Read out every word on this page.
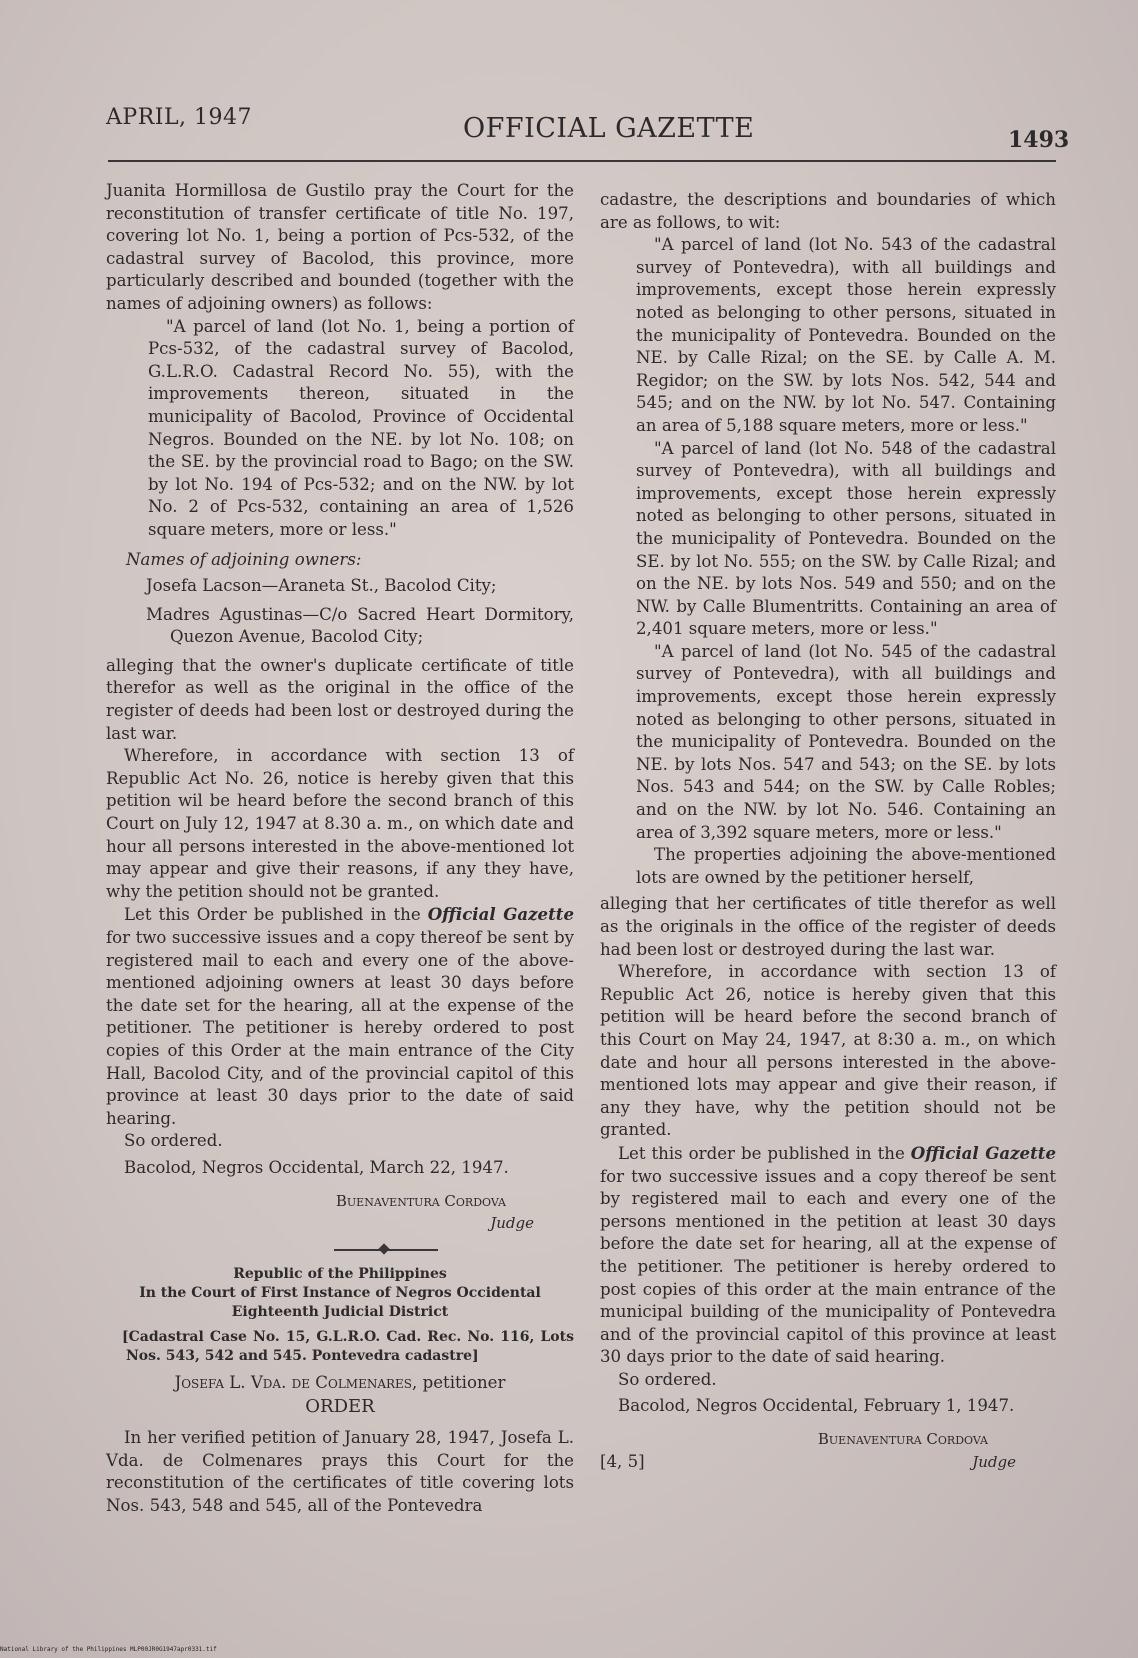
APRIL, 1947	OFFICIAL GAZETTE	1493

Juanita Hormillosa de Gustilo pray the Court for the reconstitution of transfer certificate of title No. 197, covering lot No. 1, being a portion of Pcs-532, of the cadastral survey of Bacolod, this province, more particularly described and bounded (together with the names of adjoining owners) as follows:

"A parcel of land (lot No. 1, being a portion of Pcs-532, of the cadastral survey of Bacolod, G.L.R.O. Cadastral Record No. 55), with the improvements thereon, situated in the municipality of Bacolod, Province of Occidental Negros. Bounded on the NE. by lot No. 108; on the SE. by the provincial road to Bago; on the SW. by lot No. 194 of Pcs-532; and on the NW. by lot No. 2 of Pcs-532, containing an area of 1,526 square meters, more or less."

Names of adjoining owners:

Josefa Lacson—Araneta St., Bacolod City;

Madres Agustinas—C/o Sacred Heart Dormitory, Quezon Avenue, Bacolod City;

alleging that the owner's duplicate certificate of title therefor as well as the original in the office of the register of deeds had been lost or destroyed during the last war.

Wherefore, in accordance with section 13 of Republic Act No. 26, notice is hereby given that this petition wil be heard before the second branch of this Court on July 12, 1947 at 8.30 a. m., on which date and hour all persons interested in the above-mentioned lot may appear and give their reasons, if any they have, why the petition should not be granted.

Let this Order be published in the Official Gazette for two successive issues and a copy thereof be sent by registered mail to each and every one of the above-mentioned adjoining owners at least 30 days before the date set for the hearing, all at the expense of the petitioner. The petitioner is hereby ordered to post copies of this Order at the main entrance of the City Hall, Bacolod City, and of the provincial capitol of this province at least 30 days prior to the date of said hearing.

So ordered.

Bacolod, Negros Occidental, March 22, 1947.

Buenaventura Cordova

Judge

Republic of the Philippines

In the Court of First Instance of Negros Occidental

Eighteenth Judicial District

[Cadastral Case No. 15, G.L.R.O. Cad. Rec. No. 116, Lots Nos. 543, 542 and 545. Pontevedra cadastre]

Josefa L. Vda. de Colmenares, petitioner

ORDER

In her verified petition of January 28, 1947, Josefa L. Vda. de Colmenares prays this Court for the reconstitution of the certificates of title covering lots Nos. 543, 548 and 545, all of the Pontevedra

cadastre, the descriptions and boundaries of which are as follows, to wit:

"A parcel of land (lot No. 543 of the cadastral survey of Pontevedra), with all buildings and improvements, except those herein expressly noted as belonging to other persons, situated in the municipality of Pontevedra. Bounded on the NE. by Calle Rizal; on the SE. by Calle A. M. Regidor; on the SW. by lots Nos. 542, 544 and 545; and on the NW. by lot No. 547. Containing an area of 5,188 square meters, more or less."

"A parcel of land (lot No. 548 of the cadastral survey of Pontevedra), with all buildings and improvements, except those herein expressly noted as belonging to other persons, situated in the municipality of Pontevedra. Bounded on the SE. by lot No. 555; on the SW. by Calle Rizal; and on the NE. by lots Nos. 549 and 550; and on the NW. by Calle Blumentritts. Containing an area of 2,401 square meters, more or less."

"A parcel of land (lot No. 545 of the cadastral survey of Pontevedra), with all buildings and improvements, except those herein expressly noted as belonging to other persons, situated in the municipality of Pontevedra. Bounded on the NE. by lots Nos. 547 and 543; on the SE. by lots Nos. 543 and 544; on the SW. by Calle Robles; and on the NW. by lot No. 546. Containing an area of 3,392 square meters, more or less."

The properties adjoining the above-mentioned lots are owned by the petitioner herself,

alleging that her certificates of title therefor as well as the originals in the office of the register of deeds had been lost or destroyed during the last war.

Wherefore, in accordance with section 13 of Republic Act 26, notice is hereby given that this petition will be heard before the second branch of this Court on May 24, 1947, at 8:30 a. m., on which date and hour all persons interested in the above-mentioned lots may appear and give their reason, if any they have, why the petition should not be granted.

Let this order be published in the Official Gazette for two successive issues and a copy thereof be sent by registered mail to each and every one of the persons mentioned in the petition at least 30 days before the date set for hearing, all at the expense of the petitioner. The petitioner is hereby ordered to post copies of this order at the main entrance of the municipal building of the municipality of Pontevedra and of the provincial capitol of this province at least 30 days prior to the date of said hearing.

So ordered.

Bacolod, Negros Occidental, February 1, 1947.

Buenaventura Cordova

[4, 5]	Judge

National Library of the Philippines MLP00JR0G1947apr0331.tif
